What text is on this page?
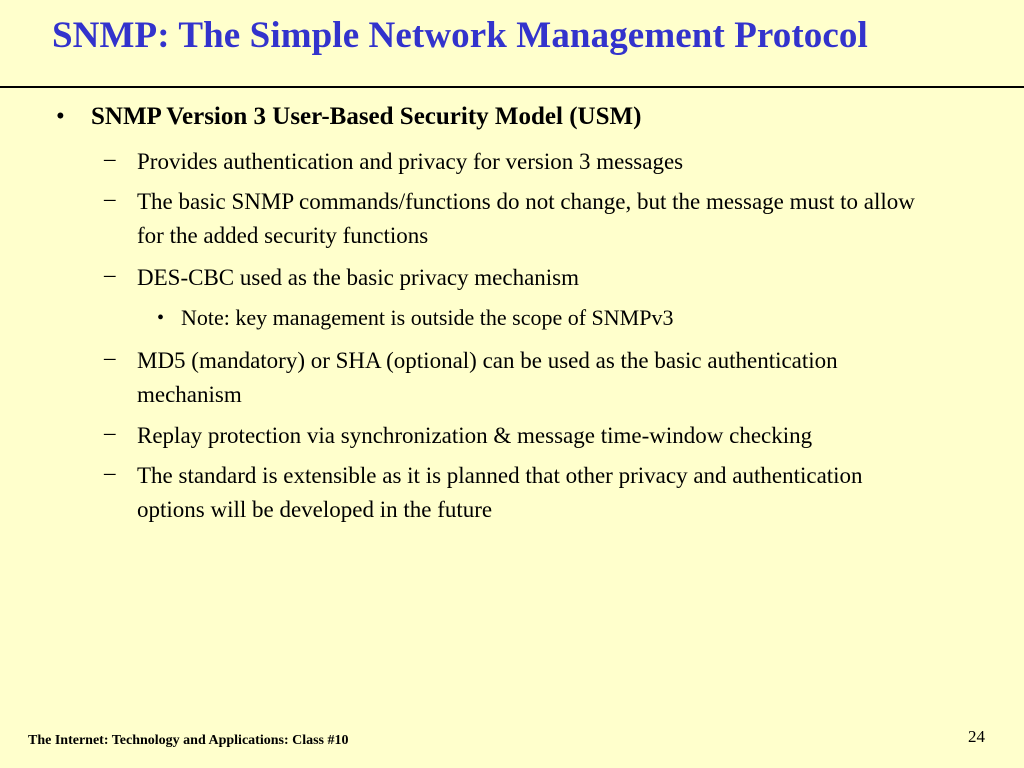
SNMP: The Simple Network Management Protocol
• SNMP Version 3 User-Based Security Model (USM)
– Provides authentication and privacy for version 3 messages
– The basic SNMP commands/functions do not change, but the message must to allow for the added security functions
– DES-CBC used as the basic privacy mechanism
• Note: key management is outside the scope of SNMPv3
– MD5 (mandatory) or SHA (optional) can be used as the basic authentication mechanism
– Replay protection via synchronization & message time-window checking
– The standard is extensible as it is planned that other privacy and authentication options will be developed in the future
The Internet: Technology and Applications: Class #10	24
